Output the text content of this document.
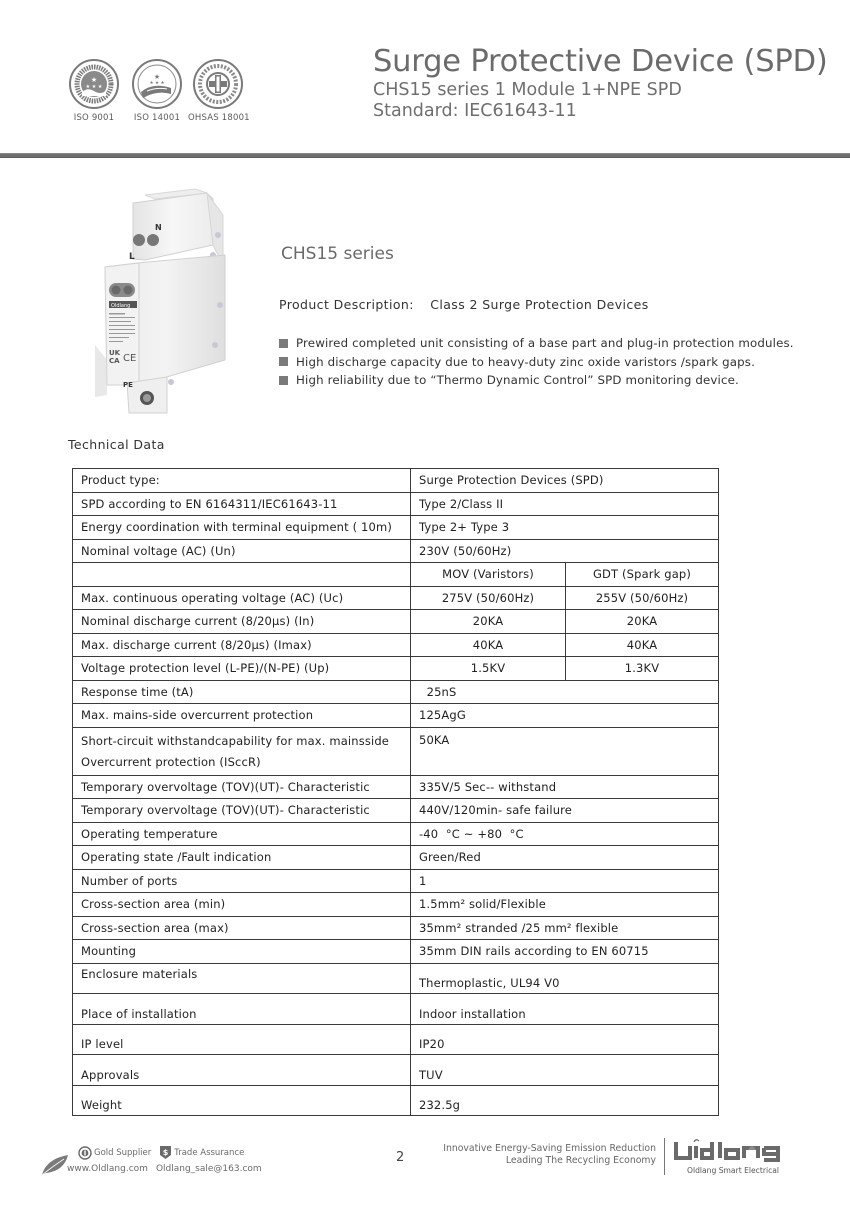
★
★ ★ ★
ISO 9001
★
★ ★ ★
ISO 14001 OHSAS 18001
Surge Protective Device (SPD)
CHS15 series 1 Module 1+NPE SPD
Standard: IEC61643-11
N
L
Oldlang
UK
CA CE
PE
CHS15 series
Product Description: Class 2 Surge Protection Devices
Prewired completed unit consisting of a base part and plug-in protection modules.
High discharge capacity due to heavy-duty zinc oxide varistors /spark gaps.
High reliability due to “Thermo Dynamic Control” SPD monitoring device.
Technical Data
Product type:	Surge Protection Devices (SPD)	
SPD according to EN 6164311/IEC61643-11	Type 2/Class II	
Energy coordination with terminal equipment ( 10m)	Type 2+ Type 3	
Nominal voltage (AC) (Un)	230V (50/60Hz)	
	MOV (Varistors)	GDT (Spark gap)
Max. continuous operating voltage (AC) (Uc)	275V (50/60Hz)	255V (50/60Hz)
Nominal discharge current (8/20μs) (In)	20KA	20KA
Max. discharge current (8/20μs) (Imax)	40KA	40KA
Voltage protection level (L-PE)/(N-PE) (Up)	1.5KV	1.3KV
Response time (tA)	25nS	
Max. mains-side overcurrent protection	125AgG	
Short-circuit withstandcapability for max. mainsside Overcurrent protection (ISccR)	50KA	
Temporary overvoltage (TOV)(UT)- Characteristic	335V/5 Sec-- withstand	
Temporary overvoltage (TOV)(UT)- Characteristic	440V/120min- safe failure	
Operating temperature	-40  °C ~ +80  °C	
Operating state /Fault indication	Green/Red	
Number of ports	1	
Cross-section area (min)	1.5mm² solid/Flexible	
Cross-section area (max)	35mm² stranded /25 mm² flexible	
Mounting	35mm DIN rails according to EN 60715	
Enclosure materials	Thermoplastic, UL94 V0	
Place of installation	Indoor installation	
IP level	IP20	
Approvals	TUV	
Weight	232.5g	
Gold Supplier $ Trade Assurance
www.Oldlang.com Oldlang_sale@163.com
2
Innovative Energy-Saving Emission Reduction
Leading The Recycling Economy
Oldlang Smart Electrical
